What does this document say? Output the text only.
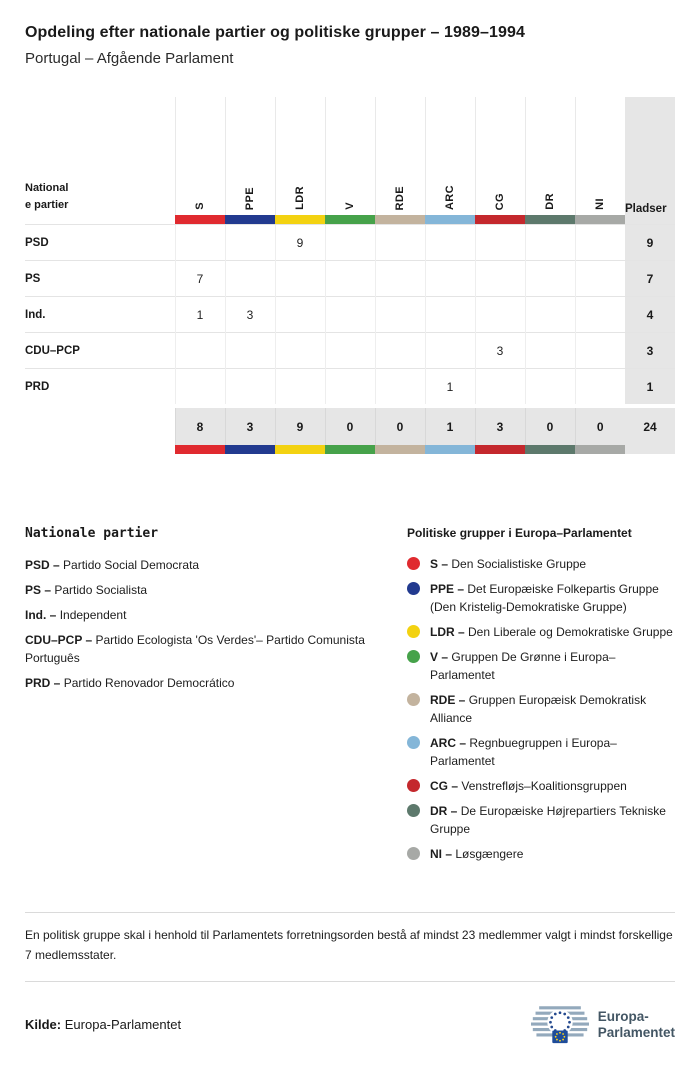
Opdeling efter nationale partier og politiske grupper – 1989–1994
Portugal – Afgående Parlament
National
e partier	S	PPE	LDR	V	RDE	ARC	CG	DR	NI	Pladser

PSD			9							9
PS	7									7
Ind.	1	3								4
CDU–PCP							3			3
PRD						1				1

	8	3	9	0	0	1	3	0	0	24

Nationale partier
PSD – Partido Social Democrata
PS – Partido Socialista
Ind. – Independent
CDU–PCP – Partido Ecologista 'Os Verdes'– Partido Comunista Português
PRD – Partido Renovador Democrático
Politiske grupper i Europa–Parlamentet
S – Den Socialistiske Gruppe
PPE – Det Europæiske Folkepartis Gruppe (Den Kristelig-Demokratiske Gruppe)
LDR – Den Liberale og Demokratiske Gruppe
V – Gruppen De Grønne i Europa–Parlamentet
RDE – Gruppen Europæisk Demokratisk Alliance
ARC – Regnbuegruppen i Europa–Parlamentet
CG – Venstrefløjs–Koalitionsgruppen
DR – De Europæiske Højrepartiers Tekniske Gruppe
NI – Løsgængere
En politisk gruppe skal i henhold til Parlamentets forretningsorden bestå af mindst 23 medlemmer valgt i mindst forskellige 7 medlemsstater.
Kilde: Europa-Parlamentet
Europa-
Parlamentet
